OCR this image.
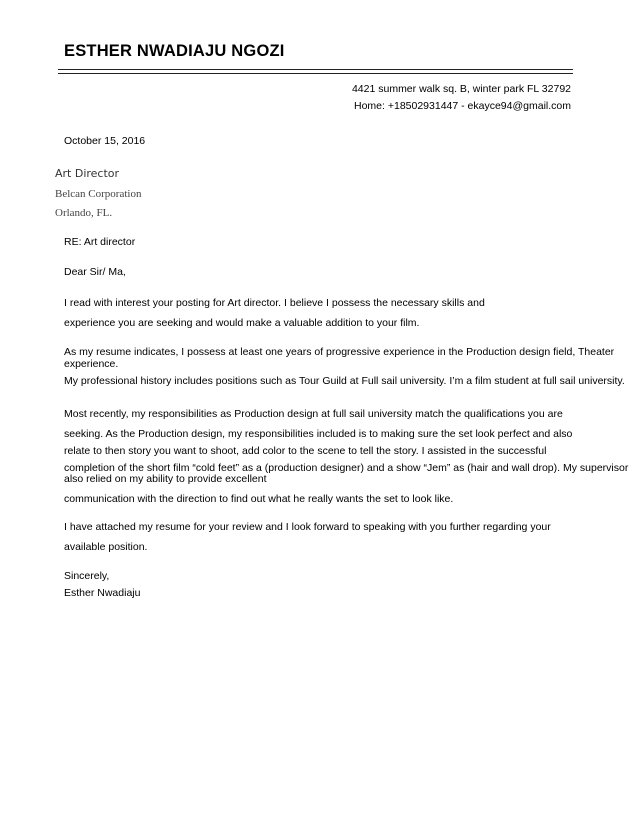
ESTHER NWADIAJU NGOZI
4421 summer walk sq. B, winter park FL 32792
Home: +18502931447 - ekayce94@gmail.com
October 15, 2016
Art Director
Belcan Corporation
Orlando, FL.
RE: Art director
Dear Sir/ Ma,
I read with interest your posting for Art director. I believe I possess the necessary skills and
experience you are seeking and would make a valuable addition to your film.
As my resume indicates, I possess at least one years of progressive experience in the Production design field, Theater
experience.
My professional history includes positions such as Tour Guild at Full sail university. I’m a film student at full sail university.
Most recently, my responsibilities as Production design at full sail university match the qualifications you are
seeking. As the Production design, my responsibilities included is to making sure the set look perfect and also
relate to then story you want to shoot, add color to the scene to tell the story. I assisted in the successful
completion of the short film “cold feet” as a (production designer) and a show “Jem” as (hair and wall drop). My supervisor
also relied on my ability to provide excellent
communication with the direction to find out what he really wants the set to look like.
I have attached my resume for your review and I look forward to speaking with you further regarding your
available position.
Sincerely,
Esther Nwadiaju
